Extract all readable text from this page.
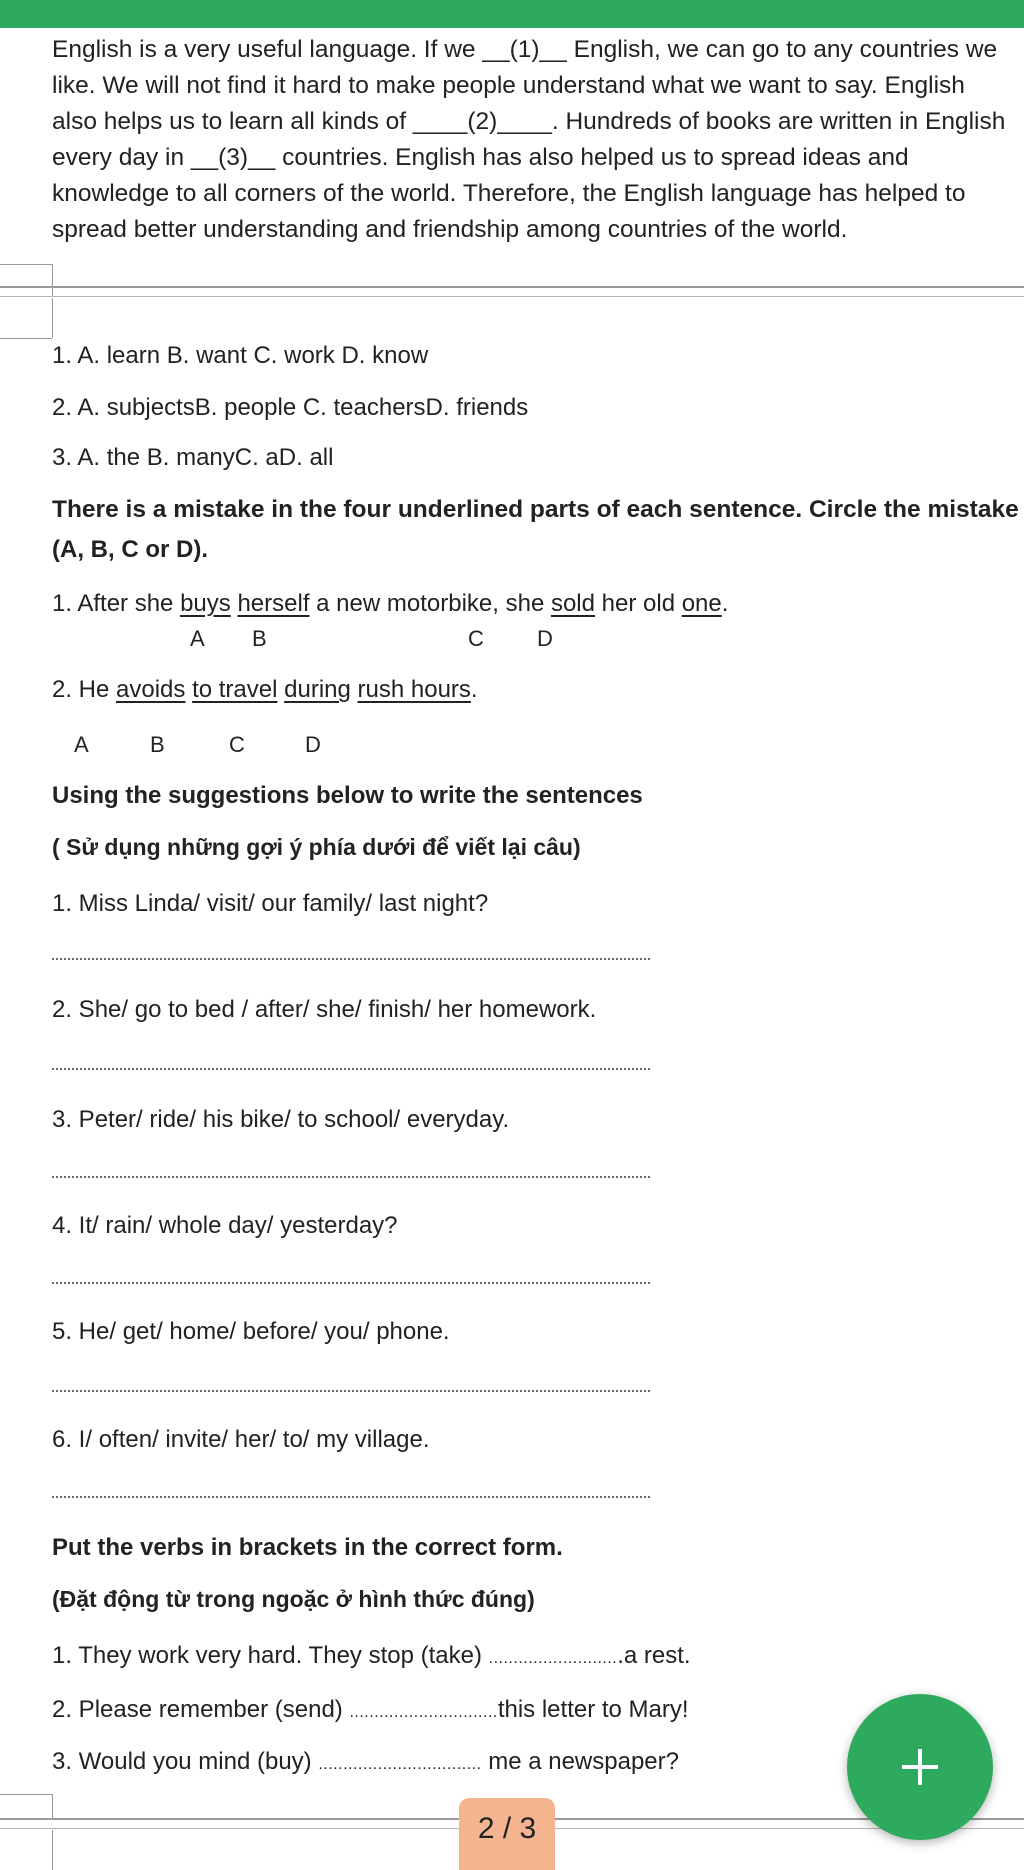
English is a very useful language. If we __(1)__ English, we can go to any countries we
like. We will not find it hard to make people understand what we want to say. English
also helps us to learn all kinds of ____(2)____. Hundreds of books are written in English
every day in __(3)__ countries. English has also helped us to spread ideas and
knowledge to all corners of the world. Therefore, the English language has helped to
spread better understanding and friendship among countries of the world.
1. A. learn B. want C. work D. know
2. A. subjectsB. people C. teachersD. friends
3. A. the B. manyC. aD. all
There is a mistake in the four underlined parts of each sentence. Circle the mistake
(A, B, C or D).
1. After she buys herself a new motorbike, she sold her old one.
A B	C D
2. He avoids to travel during rush hours.
A	B	C	D
Using the suggestions below to write the sentences
( Sử dụng những gợi ý phía dưới để viết lại câu)
1. Miss Linda/ visit/ our family/ last night?
2. She/ go to bed / after/ she/ finish/ her homework.
3. Peter/ ride/ his bike/ to school/ everyday.
4. It/ rain/ whole day/ yesterday?
5. He/ get/ home/ before/ you/ phone.
6. I/ often/ invite/ her/ to/ my village.
Put the verbs in brackets in the correct form.
(Đặt động từ trong ngoặc ở hình thức đúng)
1. They work very hard. They stop (take) ...........................a rest.
2. Please remember (send) ..............................this letter to Mary!
3. Would you mind (buy) ................................. me a newspaper?
2 / 3
